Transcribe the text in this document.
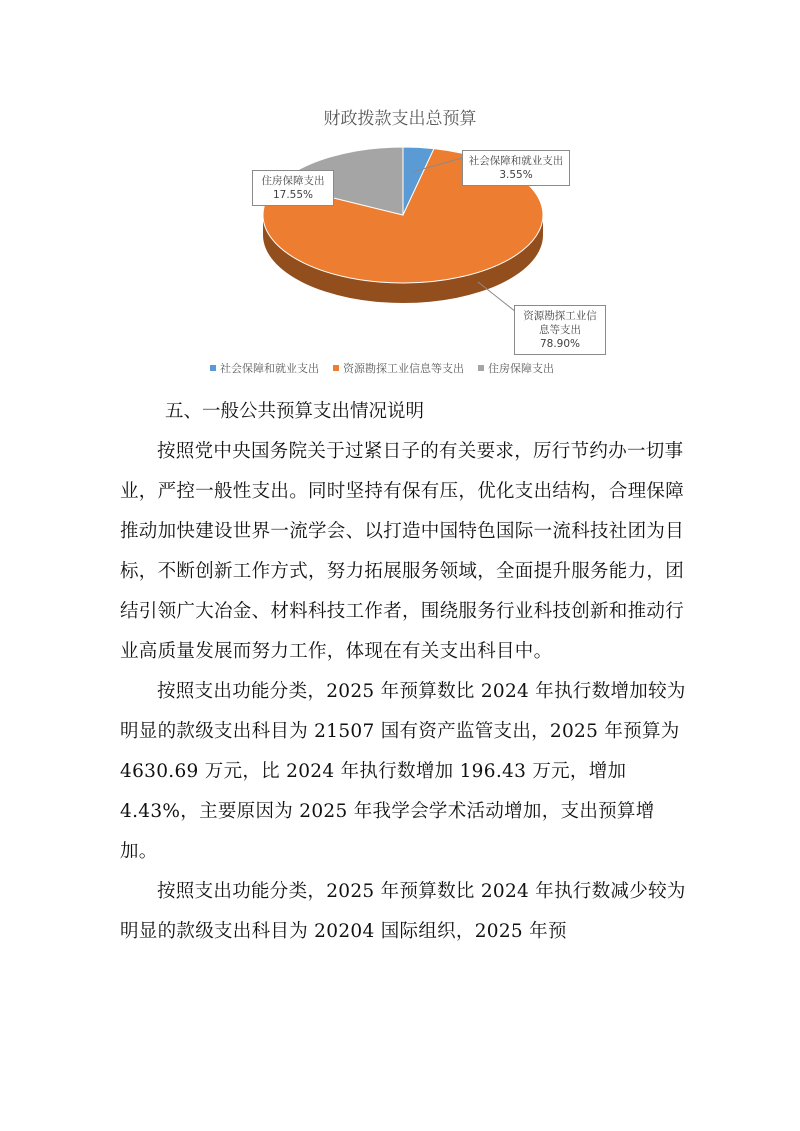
财政拨款支出总预算
社会保障和就业支出
3.55%
住房保障支出
17.55%
资源勘探工业信息等支出
78.90%
社会保障和就业支出 资源勘探工业信息等支出 住房保障支出
五、一般公共预算支出情况说明

按照党中央国务院关于过紧日子的有关要求，厉行节约办一切事业，严控一般性支出。同时坚持有保有压，优化支出结构，合理保障推动加快建设世界一流学会、以打造中国特色国际一流科技社团为目标，不断创新工作方式，努力拓展服务领域，全面提升服务能力，团结引领广大冶金、材料科技工作者，围绕服务行业科技创新和推动行业高质量发展而努力工作，体现在有关支出科目中。

按照支出功能分类，2025 年预算数比 2024 年执行数增加较为明显的款级支出科目为 21507 国有资产监管支出，2025 年预算为 4630.69 万元，比 2024 年执行数增加 196.43 万元，增加 4.43%，主要原因为 2025 年我学会学术活动增加，支出预算增加。

按照支出功能分类，2025 年预算数比 2024 年执行数减少较为明显的款级支出科目为 20204 国际组织，2025 年预
